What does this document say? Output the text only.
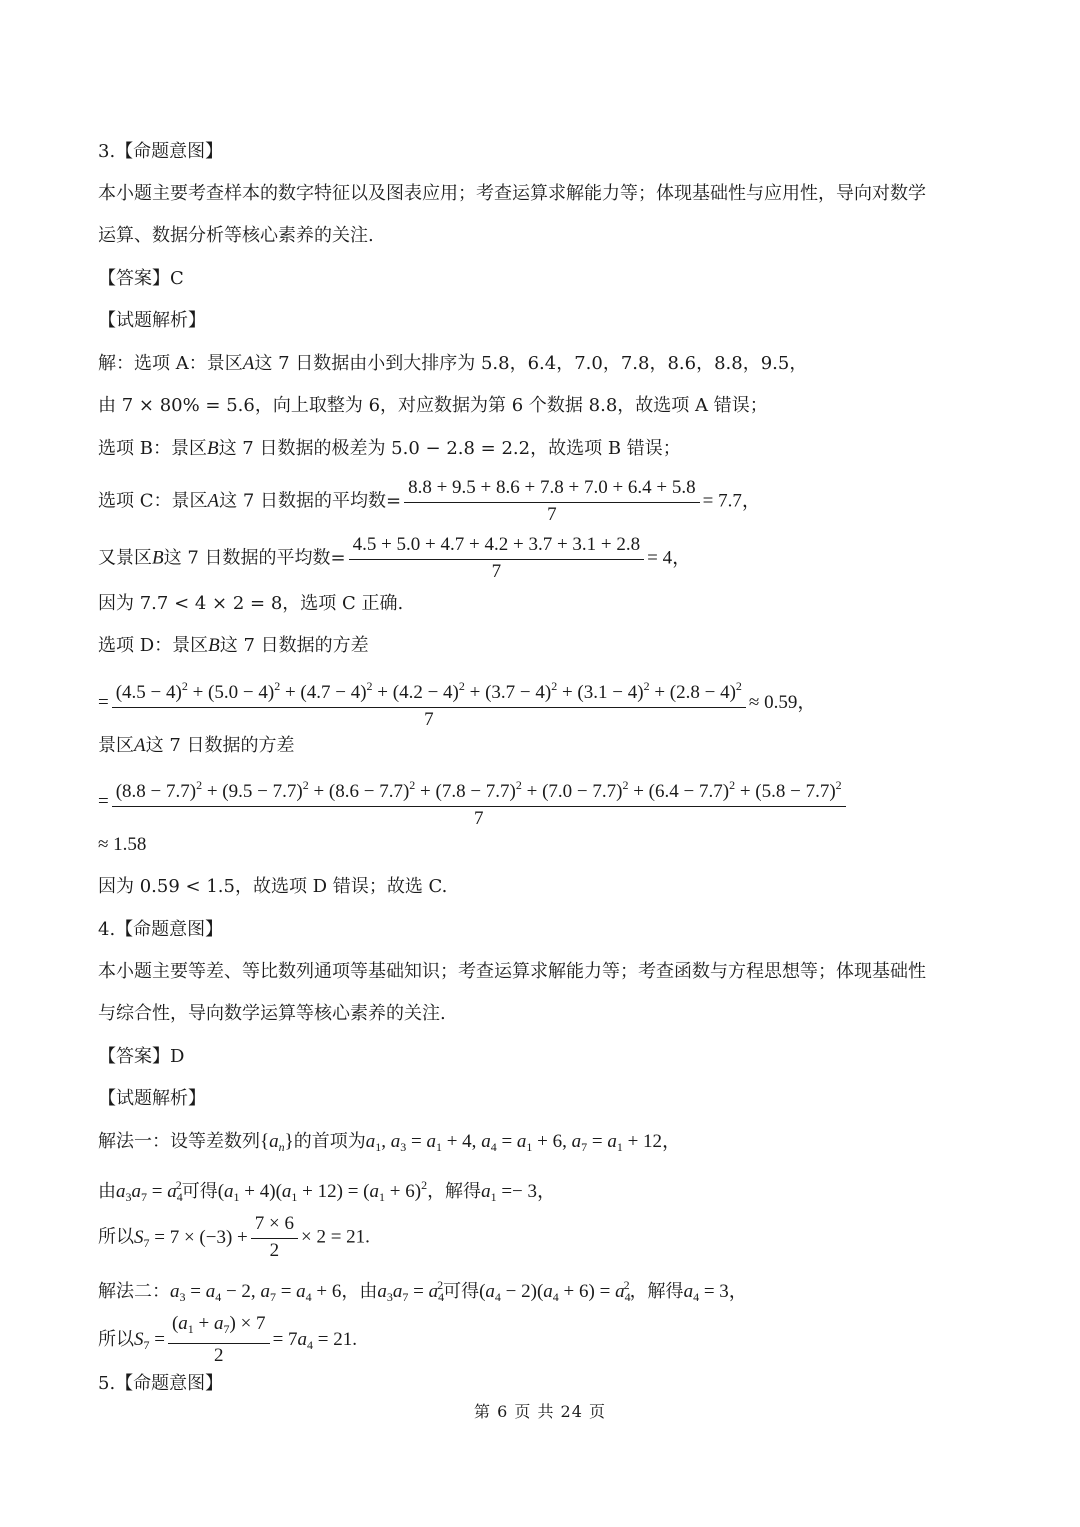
3.【命题意图】
本小题主要考查样本的数字特征以及图表应用；考查运算求解能力等；体现基础性与应用性，导向对数学
运算、数据分析等核心素养的关注.
【答案】C
【试题解析】
解：选项 A：景区A这 7 日数据由小到大排序为 5.8，6.4，7.0，7.8，8.6，8.8，9.5，
由 7 × 80% = 5.6，向上取整为 6，对应数据为第 6 个数据 8.8，故选项 A 错误；
选项 B：景区B这 7 日数据的极差为 5.0 − 2.8 = 2.2，故选项 B 错误；
选项 C：景区A这 7 日数据的平均数= $\frac{8.8 + 9.5 + 8.6 + 7.8 + 7.0 + 6.4 + 5.8}{7} = 7.7$，
又景区B这 7 日数据的平均数= $\frac{4.5 + 5.0 + 4.7 + 4.2 + 3.7 + 3.1 + 2.8}{7} = 4$，
因为 7.7 < 4 × 2 = 8，选项 C 正确.
选项 D：景区B这 7 日数据的方差
= $(4.5 - 4)^2 + (5.0 - 4)^2 + (4.7 - 4)^2 + (4.2 - 4)^2 + (3.7 - 4)^2 + (3.1 - 4)^2 + (2.8 - 4)^2$
7
≈ 0.59，
景区A这 7 日数据的方差
= $(8.8 - 7.7)^2 + (9.5 - 7.7)^2 + (8.6 - 7.7)^2 + (7.8 - 7.7)^2 + (7.0 - 7.7)^2 + (6.4 - 7.7)^2 + (5.8 - 7.7)^2$
7
≈ 1.58
因为 0.59 < 1.5，故选项 D 错误；故选 C.
4.【命题意图】
本小题主要等差、等比数列通项等基础知识；考查运算求解能力等；考查函数与方程思想等；体现基础性
与综合性，导向数学运算等核心素养的关注.
【答案】D
【试题解析】
解法一：设等差数列$\{a_n\}$的首项为$a_1$, $a_3 = a_1 + 4$, $a_4 = a_1 + 6$, $a_7 = a_1 + 12$，
由$a_3a_7 = a_4^2$可得$(a_1 + 4)(a_1 + 12) = (a_1 + 6)^2$，解得$a_1 =- 3$，
所以$S_7 = 7 \times (-3) + \frac{7 \times 6}{2} \times 2 = 21$.
解法二：$a_3 = a_4 - 2$, $a_7 = a_4 + 6$，由$a_3a_7 = a_4^2$可得$(a_4 - 2)(a_4 + 6) = a_4^2$，解得$a_4 = 3$，
所以$S_7 = \frac{(a_1 + a_7) \times 7}{2} = 7a_4 = 21$.
5.【命题意图】
第 6 页 共 24 页
